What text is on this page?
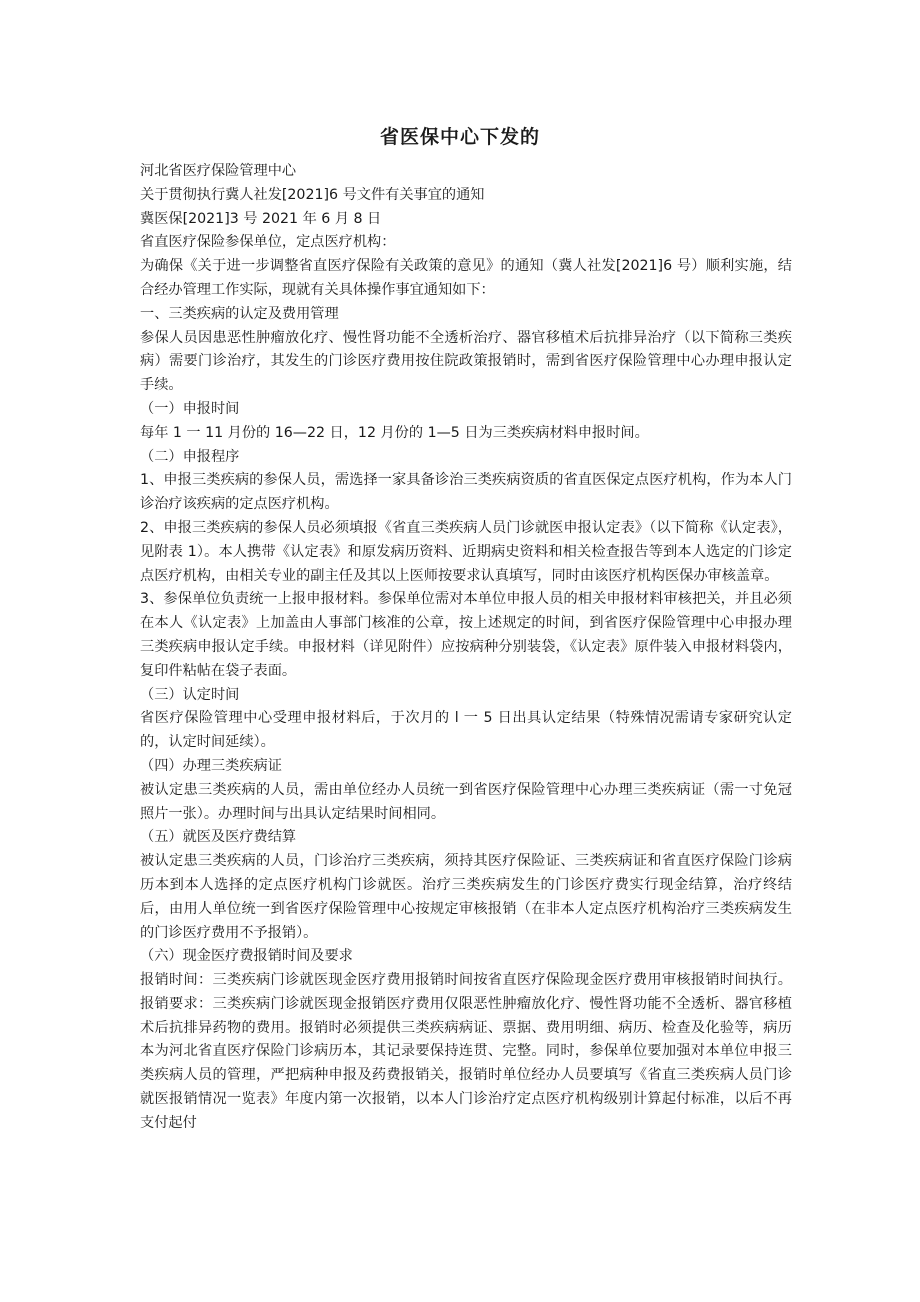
省医保中心下发的

河北省医疗保险管理中心

关于贯彻执行冀人社发[2021]6 号文件有关事宜的通知

冀医保[2021]3 号 2021 年 6 月 8 日

省直医疗保险参保单位，定点医疗机构：

为确保《关于进一步调整省直医疗保险有关政策的意见》的通知（冀人社发[2021]6 号）顺利实施，结合经办管理工作实际，现就有关具体操作事宜通知如下：

一、三类疾病的认定及费用管理

参保人员因患恶性肿瘤放化疗、慢性肾功能不全透析治疗、器官移植术后抗排异治疗（以下简称三类疾病）需要门诊治疗，其发生的门诊医疗费用按住院政策报销时，需到省医疗保险管理中心办理申报认定手续。

（一）申报时间

每年 1 一 11 月份的 16—22 日，12 月份的 1—5 日为三类疾病材料申报时间。

（二）申报程序

1、申报三类疾病的参保人员，需选择一家具备诊治三类疾病资质的省直医保定点医疗机构，作为本人门诊治疗该疾病的定点医疗机构。

2、申报三类疾病的参保人员必须填报《省直三类疾病人员门诊就医申报认定表》（以下简称《认定表》，见附表 1）。本人携带《认定表》和原发病历资料、近期病史资料和相关检查报告等到本人选定的门诊定点医疗机构，由相关专业的副主任及其以上医师按要求认真填写，同时由该医疗机构医保办审核盖章。

3、参保单位负责统一上报申报材料。参保单位需对本单位申报人员的相关申报材料审核把关，并且必须在本人《认定表》上加盖由人事部门核准的公章，按上述规定的时间，到省医疗保险管理中心申报办理三类疾病申报认定手续。申报材料（详见附件）应按病种分别装袋，《认定表》原件装入申报材料袋内，复印件粘帖在袋子表面。

（三）认定时间

省医疗保险管理中心受理申报材料后，于次月的 l 一 5 日出具认定结果（特殊情况需请专家研究认定的，认定时间延续）。

（四）办理三类疾病证

被认定患三类疾病的人员，需由单位经办人员统一到省医疗保险管理中心办理三类疾病证（需一寸免冠照片一张）。办理时间与出具认定结果时间相同。

（五）就医及医疗费结算

被认定患三类疾病的人员，门诊治疗三类疾病，须持其医疗保险证、三类疾病证和省直医疗保险门诊病历本到本人选择的定点医疗机构门诊就医。治疗三类疾病发生的门诊医疗费实行现金结算，治疗终结后，由用人单位统一到省医疗保险管理中心按规定审核报销（在非本人定点医疗机构治疗三类疾病发生的门诊医疗费用不予报销）。

（六）现金医疗费报销时间及要求

报销时间：三类疾病门诊就医现金医疗费用报销时间按省直医疗保险现金医疗费用审核报销时间执行。报销要求：三类疾病门诊就医现金报销医疗费用仅限恶性肿瘤放化疗、慢性肾功能不全透析、器官移植术后抗排异药物的费用。报销时必须提供三类疾病病证、票据、费用明细、病历、检查及化验等，病历本为河北省直医疗保险门诊病历本，其记录要保持连贯、完整。同时，参保单位要加强对本单位申报三类疾病人员的管理，严把病种申报及药费报销关，报销时单位经办人员要填写《省直三类疾病人员门诊就医报销情况一览表》年度内第一次报销，以本人门诊治疗定点医疗机构级别计算起付标准，以后不再支付起付
